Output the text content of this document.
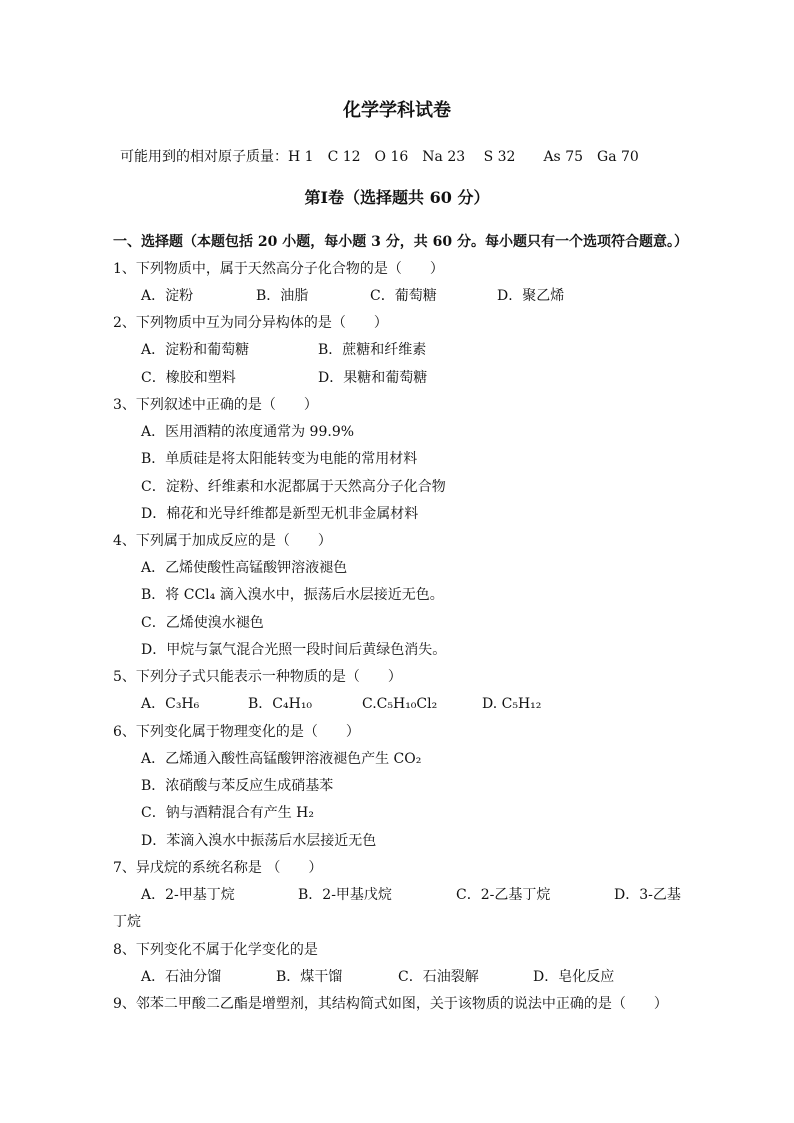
化学学科试卷
可能用到的相对原子质量：H 1　C 12　O 16　Na 23　 S 32　　As 75　Ga 70
第Ⅰ卷（选择题共 60 分）
一、选择题（本题包括 20 小题，每小题 3 分，共 60 分。每小题只有一个选项符合题意。）
1、下列物质中，属于天然高分子化合物的是（　　）
A．淀粉	B．油脂	C．葡萄糖	D．聚乙烯
2、下列物质中互为同分异构体的是（　　）
A．淀粉和葡萄糖	B．蔗糖和纤维素
C．橡胶和塑料	D．果糖和葡萄糖
3、下列叙述中正确的是（　　）
A．医用酒精的浓度通常为 99.9%
B．单质硅是将太阳能转变为电能的常用材料
C．淀粉、纤维素和水泥都属于天然高分子化合物
D．棉花和光导纤维都是新型无机非金属材料
4、下列属于加成反应的是（　　）
A．乙烯使酸性高锰酸钾溶液褪色
B．将 CCl₄ 滴入溴水中，振荡后水层接近无色。
C．乙烯使溴水褪色
D．甲烷与氯气混合光照一段时间后黄绿色消失。
5、下列分子式只能表示一种物质的是（　　）
A．C₃H₆	B．C₄H₁₀	C.C₅H₁₀Cl₂	D. C₅H₁₂
6、下列变化属于物理变化的是（　　）
A．乙烯通入酸性高锰酸钾溶液褪色产生 CO₂
B．浓硝酸与苯反应生成硝基苯
C．钠与酒精混合有产生 H₂
D．苯滴入溴水中振荡后水层接近无色
7、异戊烷的系统名称是 （　　）
A．2-甲基丁烷	B．2-甲基戊烷	C．2-乙基丁烷	D．3-乙基
丁烷
8、下列变化不属于化学变化的是
A．石油分馏	B．煤干馏	C．石油裂解	D．皂化反应
9、邻苯二甲酸二乙酯是增塑剂，其结构简式如图，关于该物质的说法中正确的是（　　）
